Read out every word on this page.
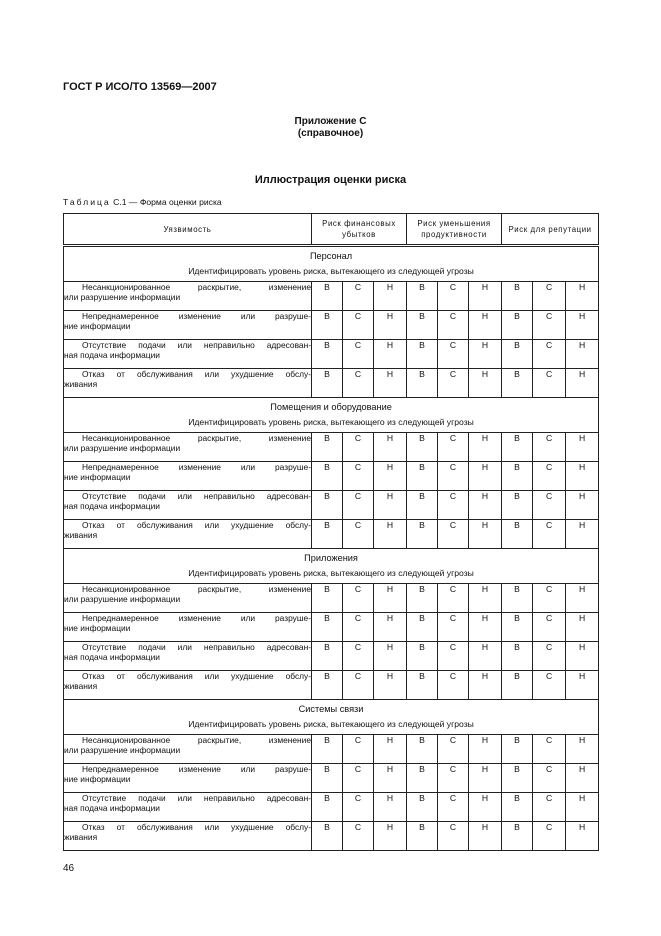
ГОСТ Р ИСО/ТО 13569—2007
Приложение С
(справочное)
Иллюстрация оценки риска
Таблица С.1 — Форма оценки риска
Уязвимость	Риск финансовых убытков			Риск уменьшения продуктивности			Риск для репутации		

Персонал
Идентифицировать уровень риска, вытекающего из следующей угрозы									

Несанкционированное раскрытие, изменение
или разрушение информации	В	С	Н	В	С	Н	В	С	Н

Непреднамеренное изменение или разруше-
ние информации	В	С	Н	В	С	Н	В	С	Н

Отсутствие подачи или неправильно адресован-
ная подача информации	В	С	Н	В	С	Н	В	С	Н

Отказ от обслуживания или ухудшение обслу-
живания	В	С	Н	В	С	Н	В	С	Н

Помещения и оборудование
Идентифицировать уровень риска, вытекающего из следующей угрозы									

Несанкционированное раскрытие, изменение
или разрушение информации	В	С	Н	В	С	Н	В	С	Н

Непреднамеренное изменение или разруше-
ние информации	В	С	Н	В	С	Н	В	С	Н

Отсутствие подачи или неправильно адресован-
ная подача информации	В	С	Н	В	С	Н	В	С	Н

Отказ от обслуживания или ухудшение обслу-
живания	В	С	Н	В	С	Н	В	С	Н

Приложения
Идентифицировать уровень риска, вытекающего из следующей угрозы									

Несанкционированное раскрытие, изменение
или разрушение информации	В	С	Н	В	С	Н	В	С	Н

Непреднамеренное изменение или разруше-
ние информации	В	С	Н	В	С	Н	В	С	Н

Отсутствие подачи или неправильно адресован-
ная подача информации	В	С	Н	В	С	Н	В	С	Н

Отказ от обслуживания или ухудшение обслу-
живания	В	С	Н	В	С	Н	В	С	Н

Системы связи
Идентифицировать уровень риска, вытекающего из следующей угрозы									

Несанкционированное раскрытие, изменение
или разрушение информации	В	С	Н	В	С	Н	В	С	Н

Непреднамеренное изменение или разруше-
ние информации	В	С	Н	В	С	Н	В	С	Н

Отсутствие подачи или неправильно адресован-
ная подача информации	В	С	Н	В	С	Н	В	С	Н

Отказ от обслуживания или ухудшение обслу-
живания	В	С	Н	В	С	Н	В	С	Н
46
